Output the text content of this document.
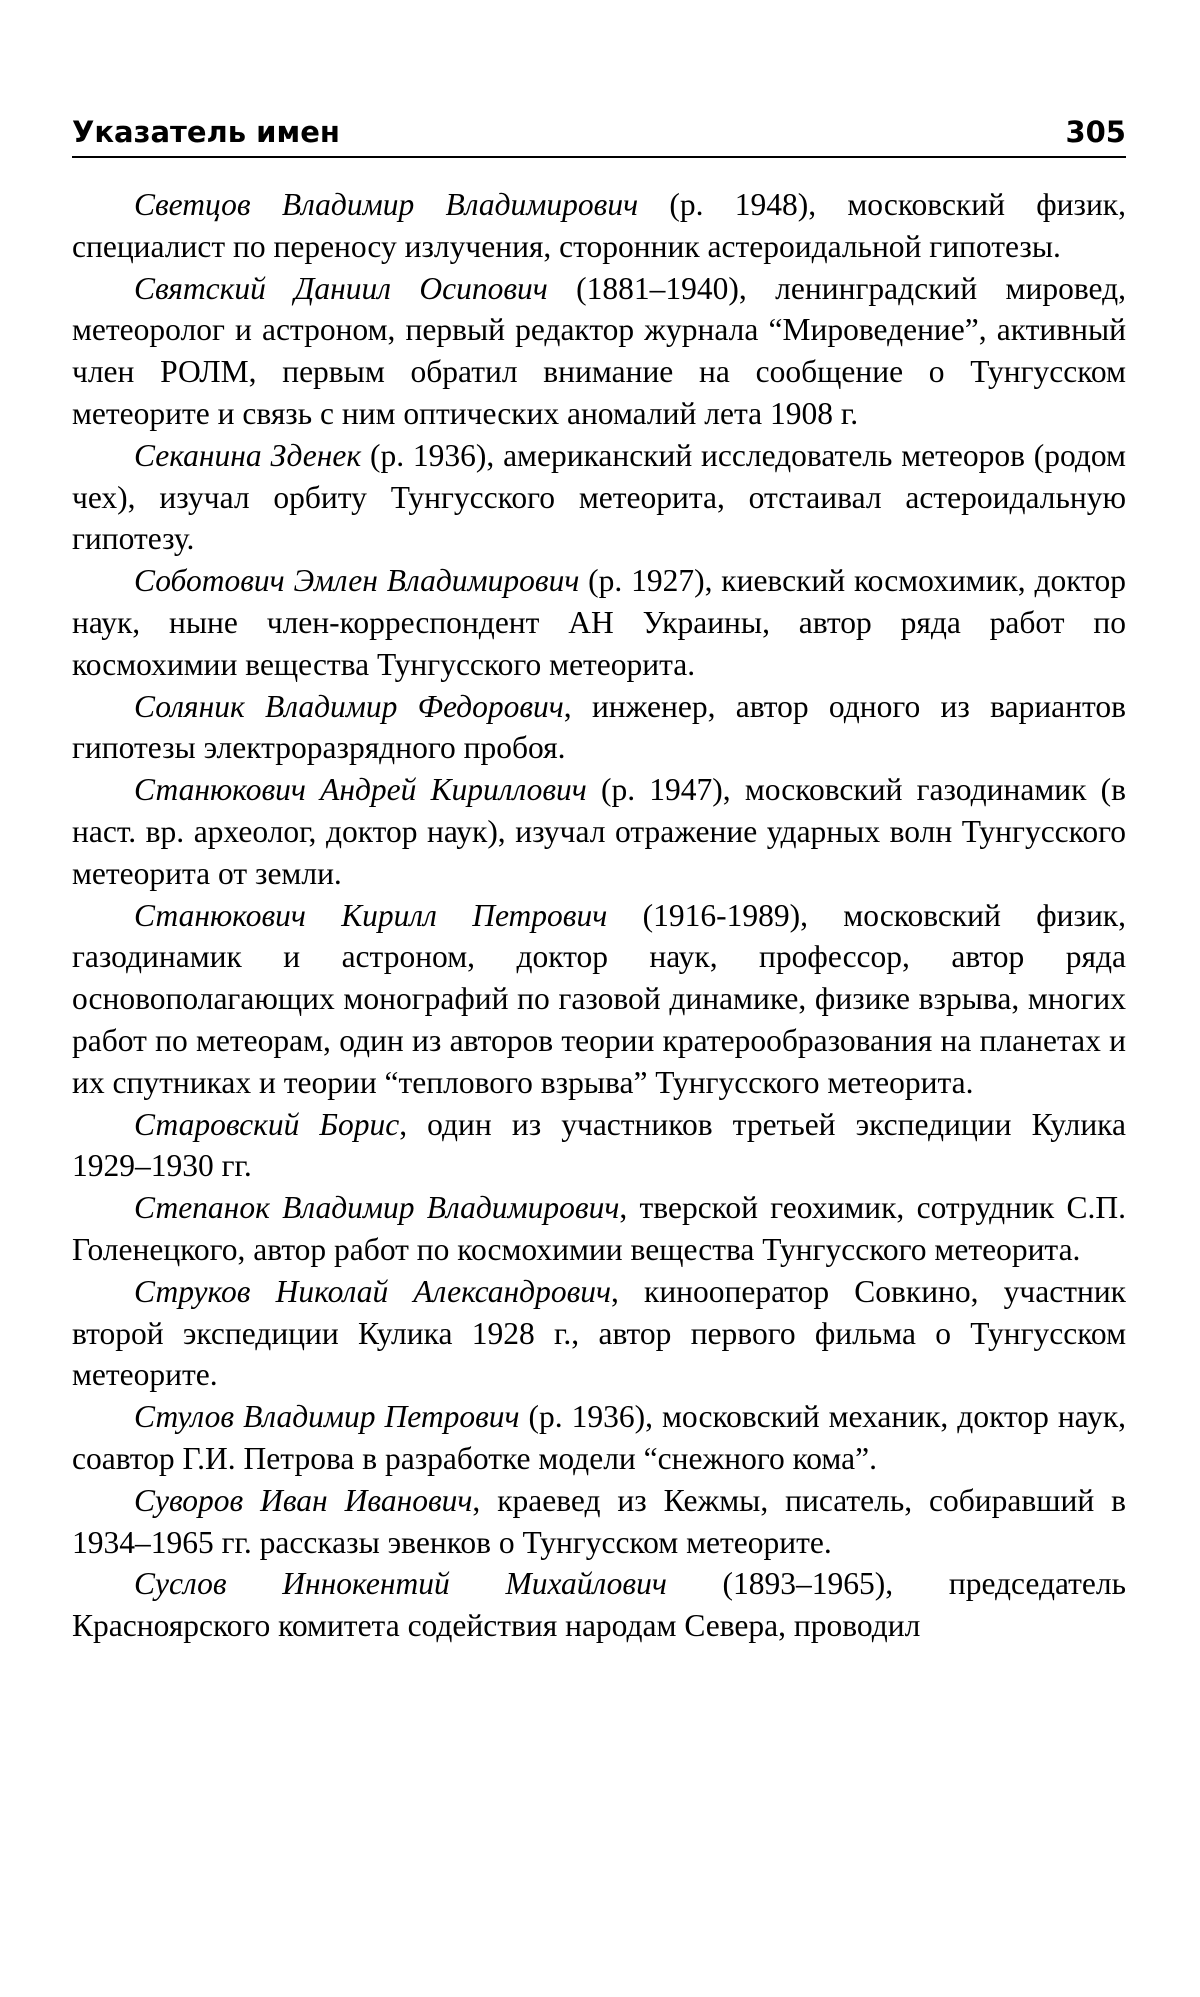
Указатель имен	305

Светцов Владимир Владимирович (р. 1948), московский физик, специалист по переносу излучения, сторонник астероидальной гипотезы.

Святский Даниил Осипович (1881–1940), ленинградский мировед, метеоролог и астроном, первый редактор журнала “Мироведение”, активный член РОЛМ, первым обратил внимание на сообщение о Тунгусском метеорите и связь с ним оптических аномалий лета 1908 г.

Секанина Зденек (р. 1936), американский исследователь метеоров (родом чех), изучал орбиту Тунгусского метеорита, отстаивал астероидальную гипотезу.

Соботович Эмлен Владимирович (р. 1927), киевский космохимик, доктор наук, ныне член-корреспондент АН Украины, автор ряда работ по космохимии вещества Тунгусского метеорита.

Соляник Владимир Федорович, инженер, автор одного из вариантов гипотезы электроразрядного пробоя.

Станюкович Андрей Кириллович (р. 1947), московский газодинамик (в наст. вр. археолог, доктор наук), изучал отражение ударных волн Тунгусского метеорита от земли.

Станюкович Кирилл Петрович (1916-1989), московский физик, газодинамик и астроном, доктор наук, профессор, автор ряда основополагающих монографий по газовой динамике, физике взрыва, многих работ по метеорам, один из авторов теории кратерообразования на планетах и их спутниках и теории “теплового взрыва” Тунгусского метеорита.

Старовский Борис, один из участников третьей экспедиции Кулика 1929–1930 гг.

Степанок Владимир Владимирович, тверской геохимик, сотрудник С.П. Голенецкого, автор работ по космохимии вещества Тунгусского метеорита.

Струков Николай Александрович, кинооператор Совкино, участник второй экспедиции Кулика 1928 г., автор первого фильма о Тунгусском метеорите.

Стулов Владимир Петрович (р. 1936), московский механик, доктор наук, соавтор Г.И. Петрова в разработке модели “снежного кома”.

Суворов Иван Иванович, краевед из Кежмы, писатель, собиравший в 1934–1965 гг. рассказы эвенков о Тунгусском метеорите.

Суслов Иннокентий Михайлович (1893–1965), председатель Красноярского комитета содействия народам Севера, проводил
